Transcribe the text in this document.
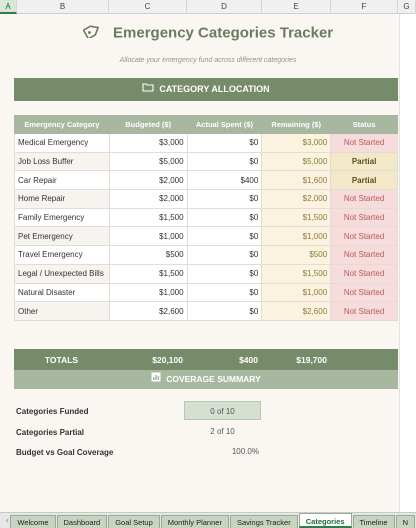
A	B	C	D	E	F	G
Emergency Categories Tracker
Allocate your emergency fund across different categories
CATEGORY ALLOCATION
Emergency Category	Budgeted ($)	Actual Spent ($)	Remaining ($)	Status
Medical Emergency	$3,000	$0	$3,000	Not Started
Job Loss Buffer	$5,000	$0	$5,000	Partial
Car Repair	$2,000	$400	$1,600	Partial
Home Repair	$2,000	$0	$2,000	Not Started
Family Emergency	$1,500	$0	$1,500	Not Started
Pet Emergency	$1,000	$0	$1,000	Not Started
Travel Emergency	$500	$0	$500	Not Started
Legal / Unexpected Bills	$1,500	$0	$1,500	Not Started
Natural Disaster	$1,000	$0	$1,000	Not Started
Other	$2,600	$0	$2,600	Not Started
TOTALS	$20,100	$400	$19,700
COVERAGE SUMMARY
Categories Funded	0 of 10
Categories Partial	2 of 10
Budget vs Goal Coverage	100.0%
‹	Welcome	Dashboard	Goal Setup	Monthly Planner	Savings Tracker	Categories	Timeline	N
